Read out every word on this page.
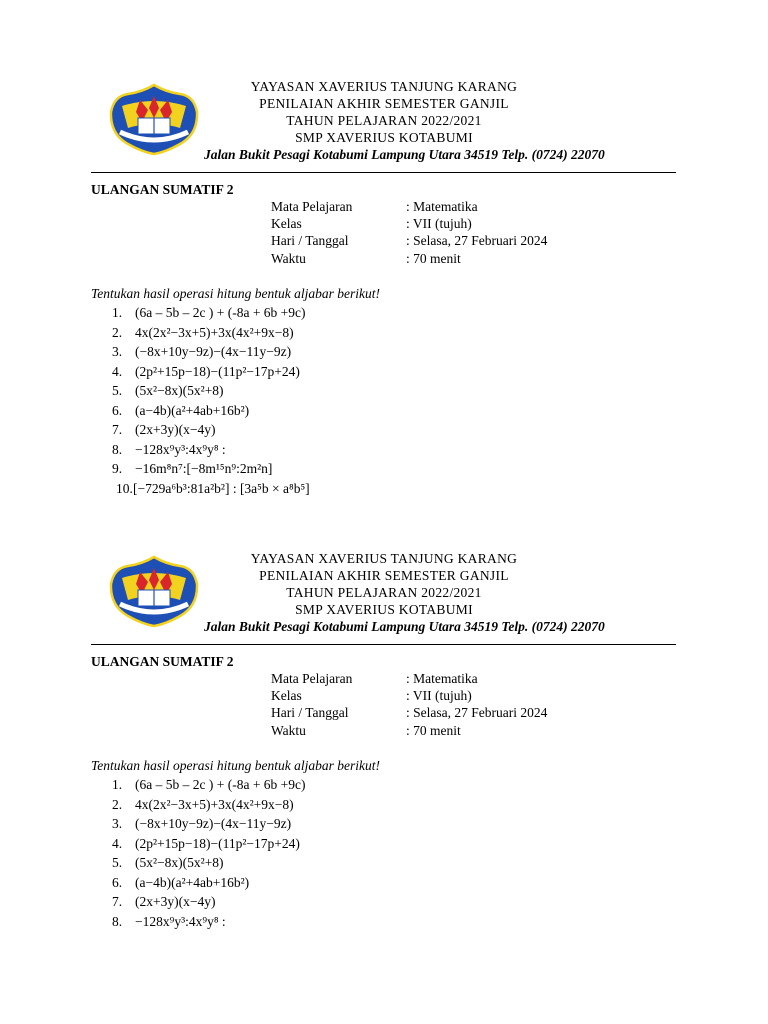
YAYASAN XAVERIUS TANJUNG KARANG
PENILAIAN AKHIR SEMESTER GANJIL
TAHUN PELAJARAN 2022/2021
SMP XAVERIUS KOTABUMI
Jalan Bukit Pesagi Kotabumi Lampung Utara 34519 Telp. (0724) 22070
ULANGAN SUMATIF 2
Mata Pelajaran	: Matematika
Kelas	: VII (tujuh)
Hari / Tanggal	: Selasa, 27 Februari 2024
Waktu	: 70 menit
Tentukan hasil operasi hitung bentuk aljabar berikut!
1. (6a – 5b – 2c ) + (-8a + 6b +9c)
2. 4x(2x²−3x+5)+3x(4x²+9x−8)
3. (−8x+10y−9z)−(4x−11y−9z)
4. (2p²+15p−18)−(11p²−17p+24)
5. (5x²−8x)(5x²+8)
6. (a−4b)(a²+4ab+16b²)
7. (2x+3y)(x−4y)
8. −128x⁹y³:4x⁹y⁸ :
9. −16m⁸n⁷:[−8m¹⁵n⁹:2m²n]
10. [−729a⁶b³:81a²b²] : [3a⁵b × a⁸b⁵]
YAYASAN XAVERIUS TANJUNG KARANG
PENILAIAN AKHIR SEMESTER GANJIL
TAHUN PELAJARAN 2022/2021
SMP XAVERIUS KOTABUMI
Jalan Bukit Pesagi Kotabumi Lampung Utara 34519 Telp. (0724) 22070
ULANGAN SUMATIF 2
Mata Pelajaran	: Matematika
Kelas	: VII (tujuh)
Hari / Tanggal	: Selasa, 27 Februari 2024
Waktu	: 70 menit
Tentukan hasil operasi hitung bentuk aljabar berikut!
1. (6a – 5b – 2c ) + (-8a + 6b +9c)
2. 4x(2x²−3x+5)+3x(4x²+9x−8)
3. (−8x+10y−9z)−(4x−11y−9z)
4. (2p²+15p−18)−(11p²−17p+24)
5. (5x²−8x)(5x²+8)
6. (a−4b)(a²+4ab+16b²)
7. (2x+3y)(x−4y)
8. −128x⁹y³:4x⁹y⁸ :
